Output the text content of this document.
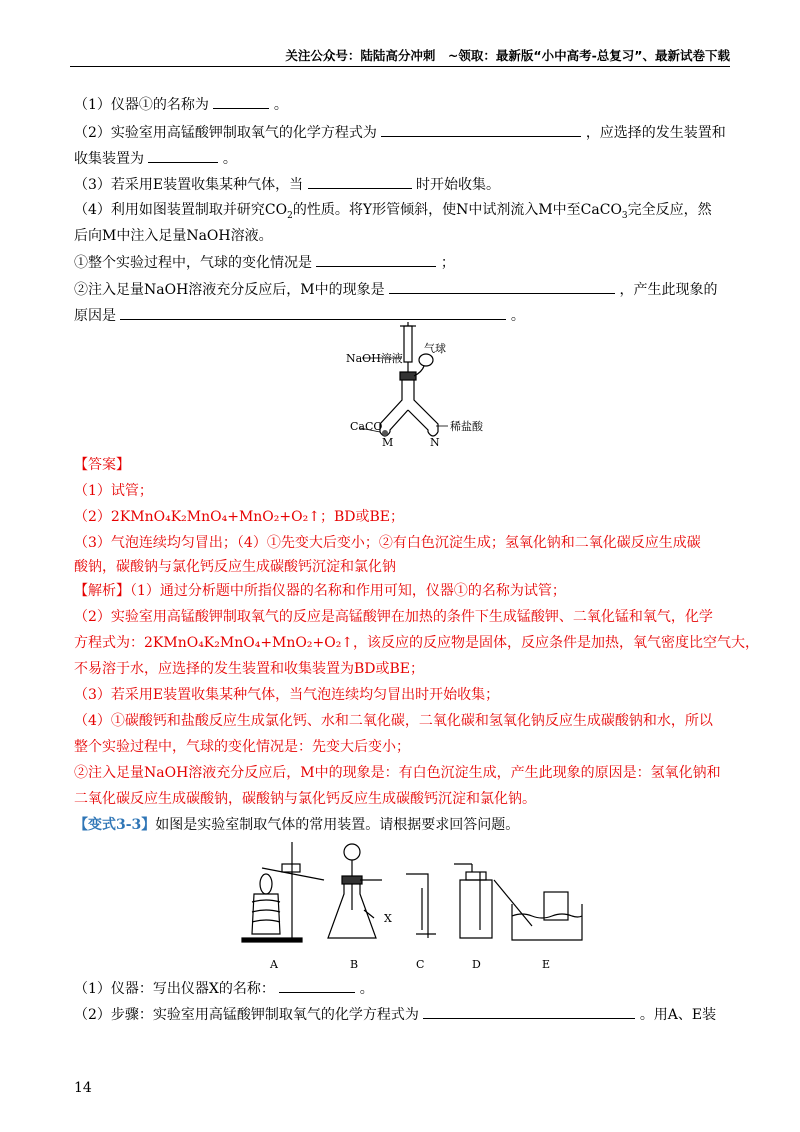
关注公众号：陆陆高分冲刺　~领取：最新版“小中高考-总复习”、最新试卷下载
（1）仪器①的名称为	。
（2）实验室用高锰酸钾制取氧气的化学方程式为	，应选择的发生装置和
收集装置为	。
（3）若采用E装置收集某种气体，当	时开始收集。
（4）利用如图装置制取并研究$CO_2$的性质。将Y形管倾斜，使N中试剂流入M中至CaCO$_3$完全反应，然
后向M中注入足量NaOH溶液。
①整个实验过程中，气球的变化情况是	；
②注入足量NaOH溶液充分反应后，M中的现象是	，产生此现象的
原因是	。
NaOH溶液
气球
CaCO	稀盐酸
M	N
【答案】
（1）试管；
（2）2KMnO₄K₂MnO₄+MnO₂+O₂↑；BD或BE；
（3）气泡连续均匀冒出；（4）①先变大后变小；②有白色沉淀生成；氢氧化钠和二氧化碳反应生成碳
酸钠，碳酸钠与氯化钙反应生成碳酸钙沉淀和氯化钠
【解析】（1）通过分析题中所指仪器的名称和作用可知，仪器①的名称为试管；
（2）实验室用高锰酸钾制取氧气的反应是高锰酸钾在加热的条件下生成锰酸钾、二氧化锰和氧气，化学
方程式为：2KMnO₄K₂MnO₄+MnO₂+O₂↑，该反应的反应物是固体，反应条件是加热，氧气密度比空气大，
不易溶于水，应选择的发生装置和收集装置为BD或BE；
（3）若采用E装置收集某种气体，当气泡连续均匀冒出时开始收集；
（4）①碳酸钙和盐酸反应生成氯化钙、水和二氧化碳，二氧化碳和氢氧化钠反应生成碳酸钠和水，所以
整个实验过程中，气球的变化情况是：先变大后变小；
②注入足量NaOH溶液充分反应后，M中的现象是：有白色沉淀生成，产生此现象的原因是：氢氧化钠和
二氧化碳反应生成碳酸钠，碳酸钠与氯化钙反应生成碳酸钙沉淀和氯化钠。
【变式3-3】如图是实验室制取气体的常用装置。请根据要求回答问题。
X
A	B	C	D	E
（1）仪器：写出仪器X的名称：	。
（2）步骤：实验室用高锰酸钾制取氧气的化学方程式为	。用A、E装
14
